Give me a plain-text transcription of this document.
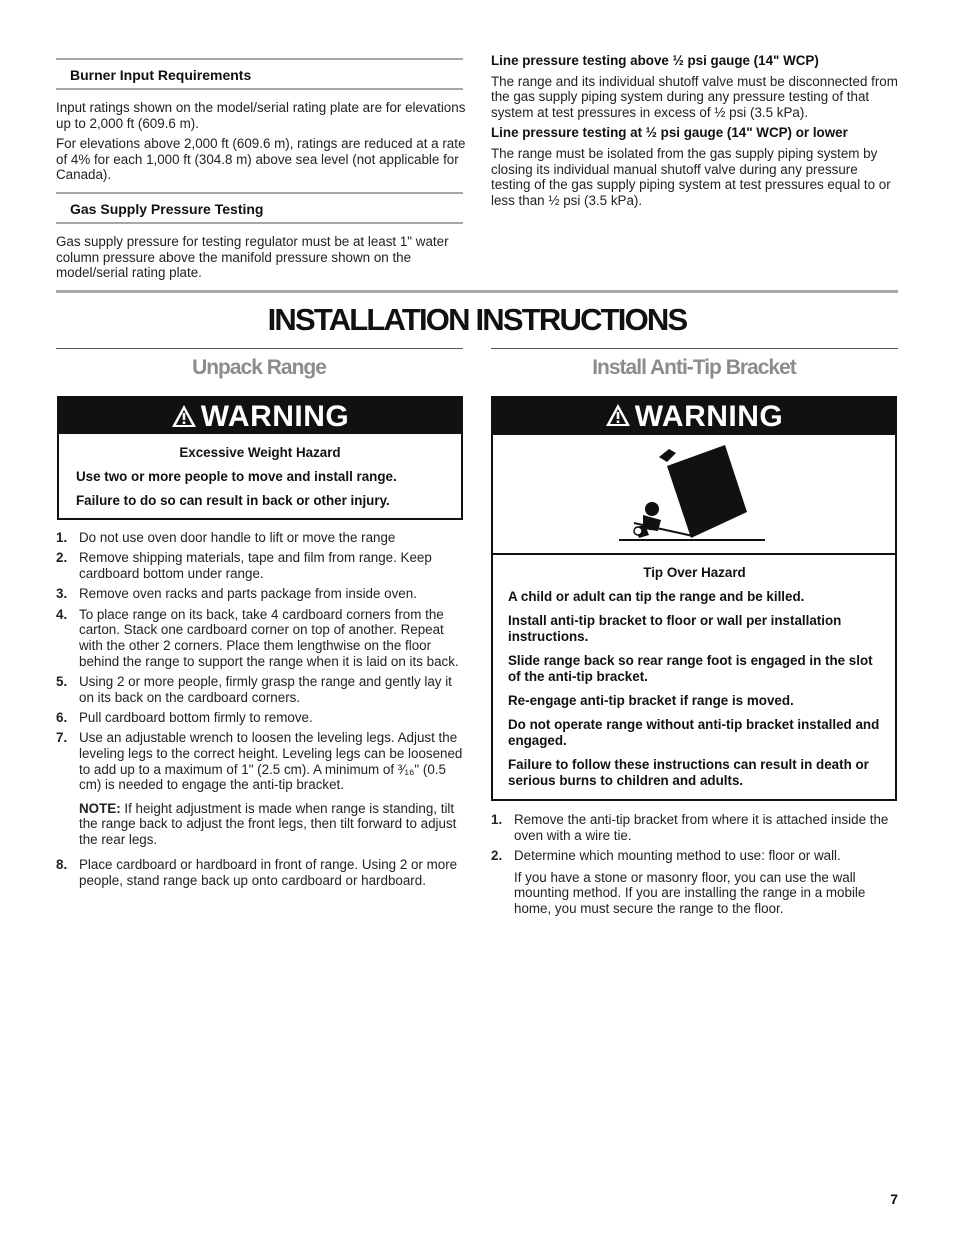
Burner Input Requirements

Input ratings shown on the model/serial rating plate are for elevations up to 2,000 ft (609.6 m).

For elevations above 2,000 ft (609.6 m), ratings are reduced at a rate of 4% for each 1,000 ft (304.8 m) above sea level (not applicable for Canada).

Gas Supply Pressure Testing

Gas supply pressure for testing regulator must be at least 1" water column pressure above the manifold pressure shown on the model/serial rating plate.

Line pressure testing above ½ psi gauge (14" WCP)

The range and its individual shutoff valve must be disconnected from the gas supply piping system during any pressure testing of that system at test pressures in excess of ½ psi (3.5 kPa).

Line pressure testing at ½ psi gauge (14" WCP) or lower

The range must be isolated from the gas supply piping system by closing its individual manual shutoff valve during any pressure testing of the gas supply piping system at test pressures equal to or less than ½ psi (3.5 kPa).

INSTALLATION INSTRUCTIONS
Unpack Range
WARNING

Excessive Weight Hazard

Use two or more people to move and install range.

Failure to do so can result in back or other injury.

1. Do not use oven door handle to lift or move the range
2. Remove shipping materials, tape and film from range. Keep cardboard bottom under range.
3. Remove oven racks and parts package from inside oven.
4. To place range on its back, take 4 cardboard corners from the carton. Stack one cardboard corner on top of another. Repeat with the other 2 corners. Place them lengthwise on the floor behind the range to support the range when it is laid on its back.
5. Using 2 or more people, firmly grasp the range and gently lay it on its back on the cardboard corners.
6. Pull cardboard bottom firmly to remove.
7. Use an adjustable wrench to loosen the leveling legs. Adjust the leveling legs to the correct height. Leveling legs can be loosened to add up to a maximum of 1" (2.5 cm). A minimum of ³⁄₁₆" (0.5 cm) is needed to engage the anti-tip bracket.
NOTE: If height adjustment is made when range is standing, tilt the range back to adjust the front legs, then tilt forward to adjust the rear legs.
8. Place cardboard or hardboard in front of range. Using 2 or more people, stand range back up onto cardboard or hardboard.
Install Anti-Tip Bracket
WARNING

Tip Over Hazard

A child or adult can tip the range and be killed.

Install anti-tip bracket to floor or wall per installation instructions.

Slide range back so rear range foot is engaged in the slot of the anti-tip bracket.

Re-engage anti-tip bracket if range is moved.

Do not operate range without anti-tip bracket installed and engaged.

Failure to follow these instructions can result in death or serious burns to children and adults.

1. Remove the anti-tip bracket from where it is attached inside the oven with a wire tie.
2. Determine which mounting method to use: floor or wall.
If you have a stone or masonry floor, you can use the wall mounting method. If you are installing the range in a mobile home, you must secure the range to the floor.
7
